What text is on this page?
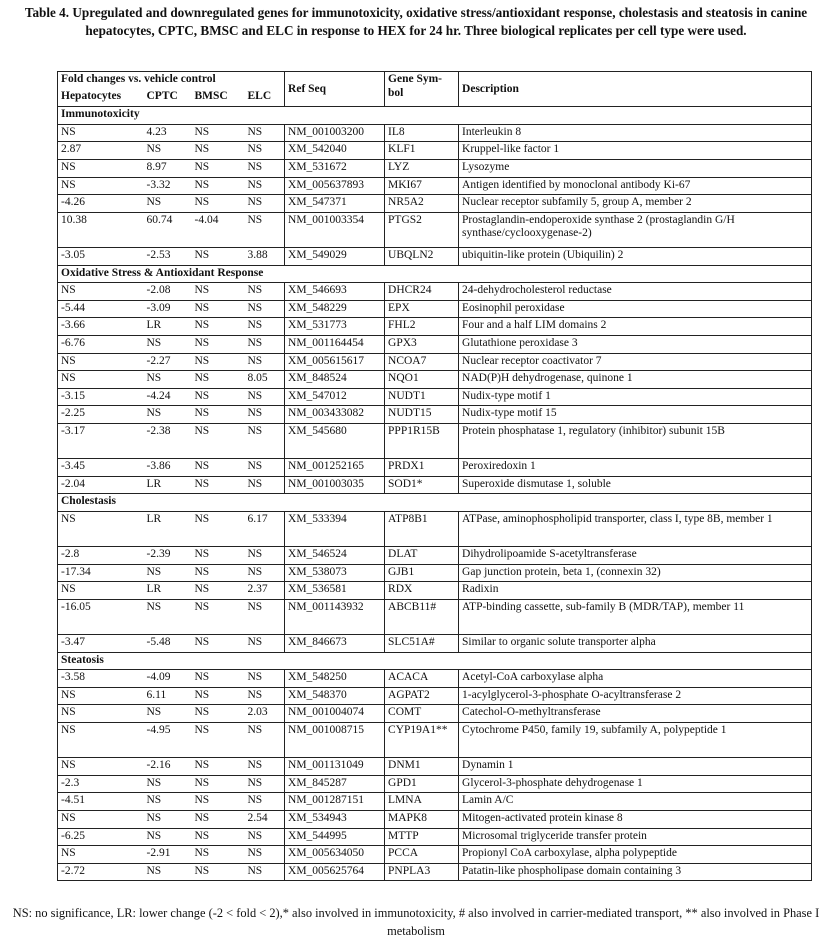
Table 4. Upregulated and downregulated genes for immunotoxicity, oxidative stress/antioxidant response, cholestasis and steatosis in canine hepatocytes, CPTC, BMSC and ELC in response to HEX for 24 hr. Three biological replicates per cell type were used.
Fold changes vs. vehicle control				Ref Seq	Gene Sym-bol	Description
Hepatocytes	CPTC	BMSC	ELC			
Immunotoxicity						
NS	4.23	NS	NS	NM_001003200	IL8	Interleukin 8
2.87	NS	NS	NS	XM_542040	KLF1	Kruppel-like factor 1
NS	8.97	NS	NS	XM_531672	LYZ	Lysozyme
NS	-3.32	NS	NS	XM_005637893	MKI67	Antigen identified by monoclonal antibody Ki-67
-4.26	NS	NS	NS	XM_547371	NR5A2	Nuclear receptor subfamily 5, group A, member 2
10.38	60.74	-4.04	NS	NM_001003354	PTGS2	Prostaglandin-endoperoxide synthase 2 (prostaglandin G/H synthase/cyclooxygenase-2)
-3.05	-2.53	NS	3.88	XM_549029	UBQLN2	ubiquitin-like protein (Ubiquilin) 2
Oxidative Stress & Antioxidant Response						
NS	-2.08	NS	NS	XM_546693	DHCR24	24-dehydrocholesterol reductase
-5.44	-3.09	NS	NS	XM_548229	EPX	Eosinophil peroxidase
-3.66	LR	NS	NS	XM_531773	FHL2	Four and a half LIM domains 2
-6.76	NS	NS	NS	NM_001164454	GPX3	Glutathione peroxidase 3
NS	-2.27	NS	NS	XM_005615617	NCOA7	Nuclear receptor coactivator 7
NS	NS	NS	8.05	XM_848524	NQO1	NAD(P)H dehydrogenase, quinone 1
-3.15	-4.24	NS	NS	XM_547012	NUDT1	Nudix-type motif 1
-2.25	NS	NS	NS	NM_003433082	NUDT15	Nudix-type motif 15
-3.17	-2.38	NS	NS	XM_545680	PPP1R15B	Protein phosphatase 1, regulatory (inhibitor) subunit 15B
-3.45	-3.86	NS	NS	NM_001252165	PRDX1	Peroxiredoxin 1
-2.04	LR	NS	NS	NM_001003035	SOD1*	Superoxide dismutase 1, soluble
Cholestasis						
NS	LR	NS	6.17	XM_533394	ATP8B1	ATPase, aminophospholipid transporter, class I, type 8B, member 1
-2.8	-2.39	NS	NS	XM_546524	DLAT	Dihydrolipoamide S-acetyltransferase
-17.34	NS	NS	NS	XM_538073	GJB1	Gap junction protein, beta 1, (connexin 32)
NS	LR	NS	2.37	XM_536581	RDX	Radixin
-16.05	NS	NS	NS	NM_001143932	ABCB11#	ATP-binding cassette, sub-family B (MDR/TAP), member 11
-3.47	-5.48	NS	NS	XM_846673	SLC51A#	Similar to organic solute transporter alpha
Steatosis						
-3.58	-4.09	NS	NS	XM_548250	ACACA	Acetyl-CoA carboxylase alpha
NS	6.11	NS	NS	XM_548370	AGPAT2	1-acylglycerol-3-phosphate O-acyltransferase 2
NS	NS	NS	2.03	NM_001004074	COMT	Catechol-O-methyltransferase
NS	-4.95	NS	NS	NM_001008715	CYP19A1**	Cytochrome P450, family 19, subfamily A, polypeptide 1
NS	-2.16	NS	NS	NM_001131049	DNM1	Dynamin 1
-2.3	NS	NS	NS	XM_845287	GPD1	Glycerol-3-phosphate dehydrogenase 1
-4.51	NS	NS	NS	NM_001287151	LMNA	Lamin A/C
NS	NS	NS	2.54	XM_534943	MAPK8	Mitogen-activated protein kinase 8
-6.25	NS	NS	NS	XM_544995	MTTP	Microsomal triglyceride transfer protein
NS	-2.91	NS	NS	XM_005634050	PCCA	Propionyl CoA carboxylase, alpha polypeptide
-2.72	NS	NS	NS	XM_005625764	PNPLA3	Patatin-like phospholipase domain containing 3
NS: no significance, LR: lower change (-2 < fold < 2),* also involved in immunotoxicity, # also involved in carrier-mediated transport, ** also involved in Phase I metabolism
